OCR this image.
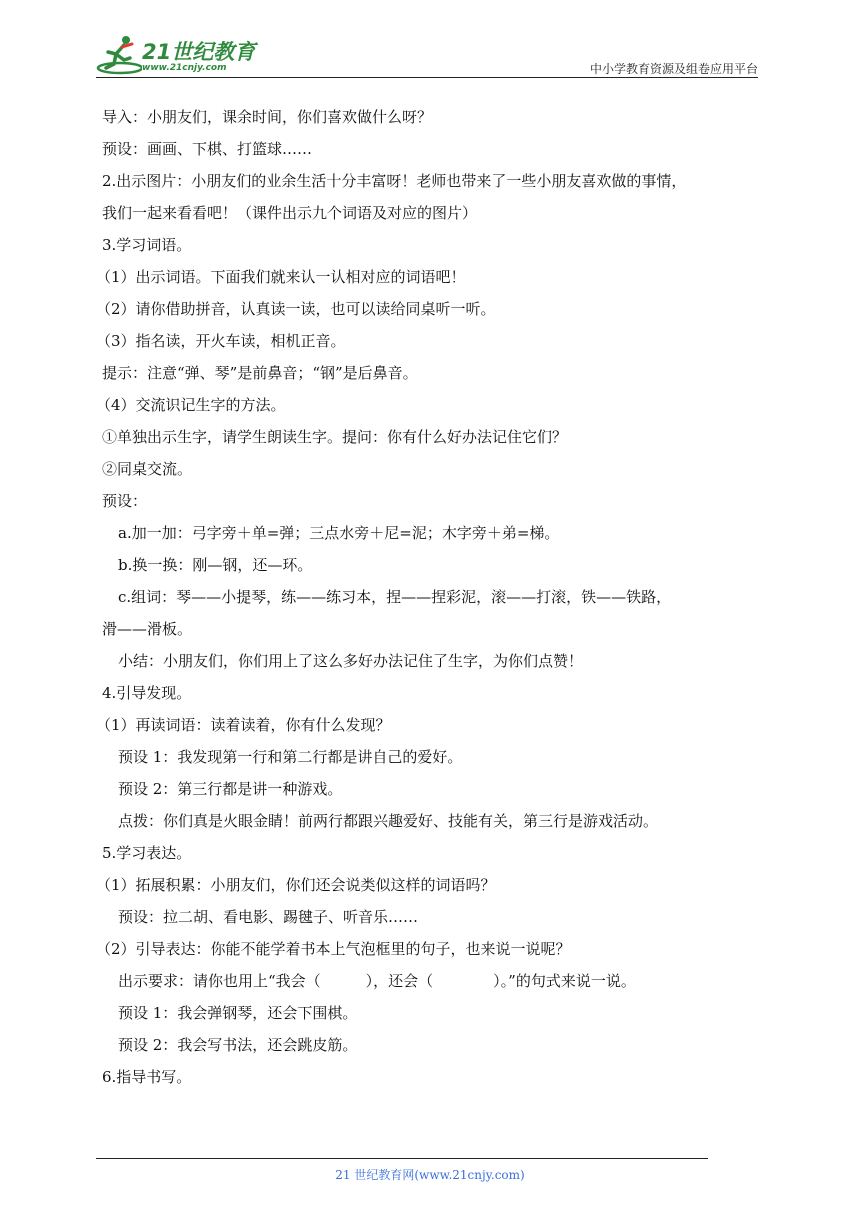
21世纪教育
www.21cnjy.com	中小学教育资源及组卷应用平台
导入：小朋友们，课余时间，你们喜欢做什么呀？
预设：画画、下棋、打篮球……
2.出示图片：小朋友们的业余生活十分丰富呀！老师也带来了一些小朋友喜欢做的事情，
我们一起来看看吧！（课件出示九个词语及对应的图片）
3.学习词语。
（1）出示词语。下面我们就来认一认相对应的词语吧！
（2）请你借助拼音，认真读一读，也可以读给同桌听一听。
（3）指名读，开火车读，相机正音。
提示：注意“弹、琴”是前鼻音；“钢”是后鼻音。
（4）交流识记生字的方法。
①单独出示生字，请学生朗读生字。提问：你有什么好办法记住它们？
②同桌交流。
预设：
a.加一加：弓字旁＋单=弹；三点水旁＋尼=泥；木字旁＋弟=梯。
b.换一换：刚—钢，还—环。
c.组词：琴——小提琴，练——练习本，捏——捏彩泥，滚——打滚，铁——铁路，
滑——滑板。
小结：小朋友们，你们用上了这么多好办法记住了生字，为你们点赞！
4.引导发现。
（1）再读词语：读着读着，你有什么发现？
预设 1：我发现第一行和第二行都是讲自己的爱好。
预设 2：第三行都是讲一种游戏。
点拨：你们真是火眼金睛！前两行都跟兴趣爱好、技能有关，第三行是游戏活动。
5.学习表达。
（1）拓展积累：小朋友们，你们还会说类似这样的词语吗？
预设：拉二胡、看电影、踢毽子、听音乐……
（2）引导表达：你能不能学着书本上气泡框里的句子，也来说一说呢？
出示要求：请你也用上“我会（　　　），还会（　　　　）。”的句式来说一说。
预设 1：我会弹钢琴，还会下围棋。
预设 2：我会写书法，还会跳皮筋。
6.指导书写。
21 世纪教育网(www.21cnjy.com)
